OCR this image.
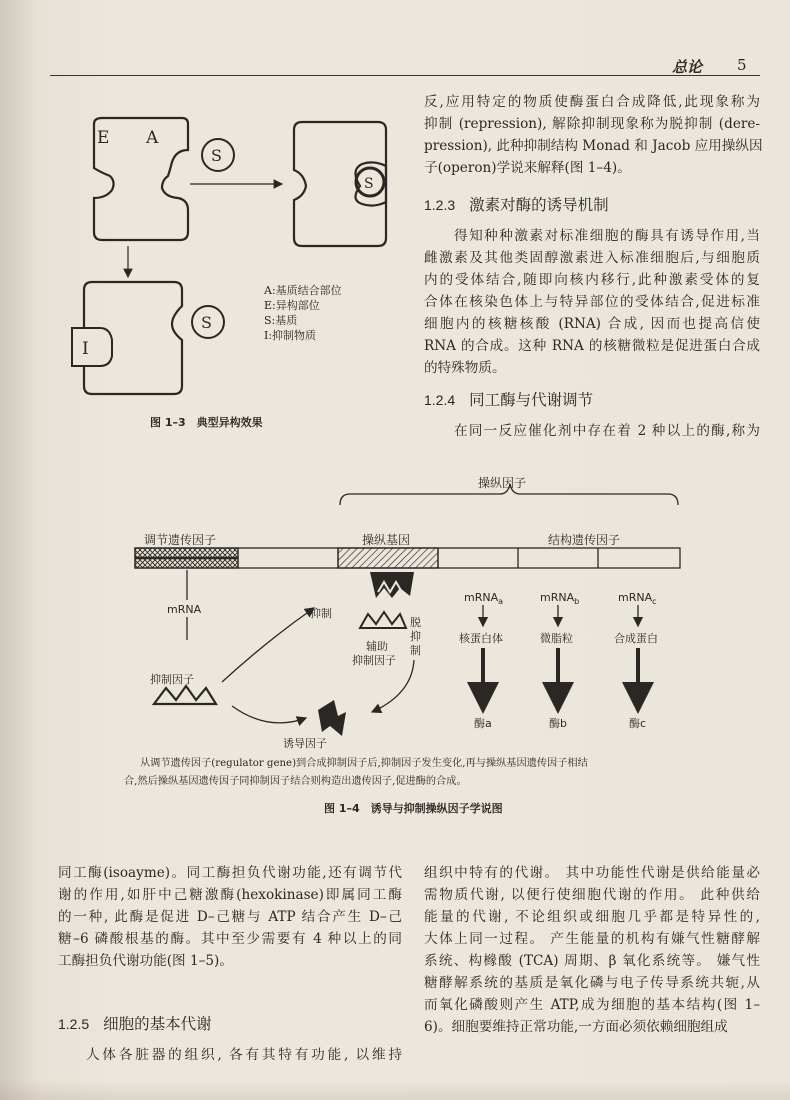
总论 5
E A
S
S
I
S
操纵因子
调节遗传因子	操纵基因	结构遗传因子
mRNA
mRNA$_a$	mRNA$_b$	mRNA$_c$
抑制
辅助
抑制因子
脱
抑
制
抑制因子
诱导因子
核蛋白体	微脂粒	合成蛋白
酶a	酶b	酶c
A:基质结合部位
E:异构部位
S:基质
I:抑制物质
图 1–3　典型异构效果
反,应用特定的物质使酶蛋白合成降低,此现象称为
抑制 (repression), 解除抑制现象称为脱抑制 (dere-
pression), 此种抑制结构 Monad 和 Jacob 应用操纵因
子(operon)学说来解释(图 1–4)。
1.2.3 激素对酶的诱导机制
得知种种激素对标准细胞的酶具有诱导作用,当
雌激素及其他类固醇激素进入标准细胞后,与细胞质
内的受体结合,随即向核内移行,此种激素受体的复
合体在核染色体上与特异部位的受体结合,促进标准
细胞内的核糖核酸 (RNA) 合成, 因而也提高信使
RNA 的合成。这种 RNA 的核糖微粒是促进蛋白合成
的特殊物质。
1.2.4 同工酶与代谢调节
在同一反应催化剂中存在着 2 种以上的酶,称为
从调节遗传因子(regulator gene)到合成抑制因子后,抑制因子发生变化,再与操纵基因遗传因子相结
合,然后操纵基因遗传因子同抑制因子结合则构造出遗传因子,促进酶的合成。
图 1–4　诱导与抑制操纵因子学说图
同工酶(isoayme)。同工酶担负代谢功能,还有调节代
谢的作用,如肝中己糖激酶(hexokinase)即属同工酶
的一种, 此酶是促进 D–己糖与 ATP 结合产生 D–己
糖–6 磷酸根基的酶。其中至少需要有 4 种以上的同
工酶担负代谢功能(图 1–5)。
1.2.5 细胞的基本代谢
人体各脏器的组织, 各有其特有功能, 以维持
组织中特有的代谢。 其中功能性代谢是供给能量必
需物质代谢, 以便行使细胞代谢的作用。 此种供给
能量的代谢, 不论组织或细胞几乎都是特异性的,
大体上同一过程。 产生能量的机构有嫌气性糖酵解
系统、构橼酸 (TCA) 周期、β 氧化系统等。 嫌气性
糖酵解系统的基质是氧化磷与电子传导系统共轭,从
而氧化磷酸则产生 ATP,成为细胞的基本结构(图 1–
6)。细胞要维持正常功能,一方面必须依赖细胞组成
